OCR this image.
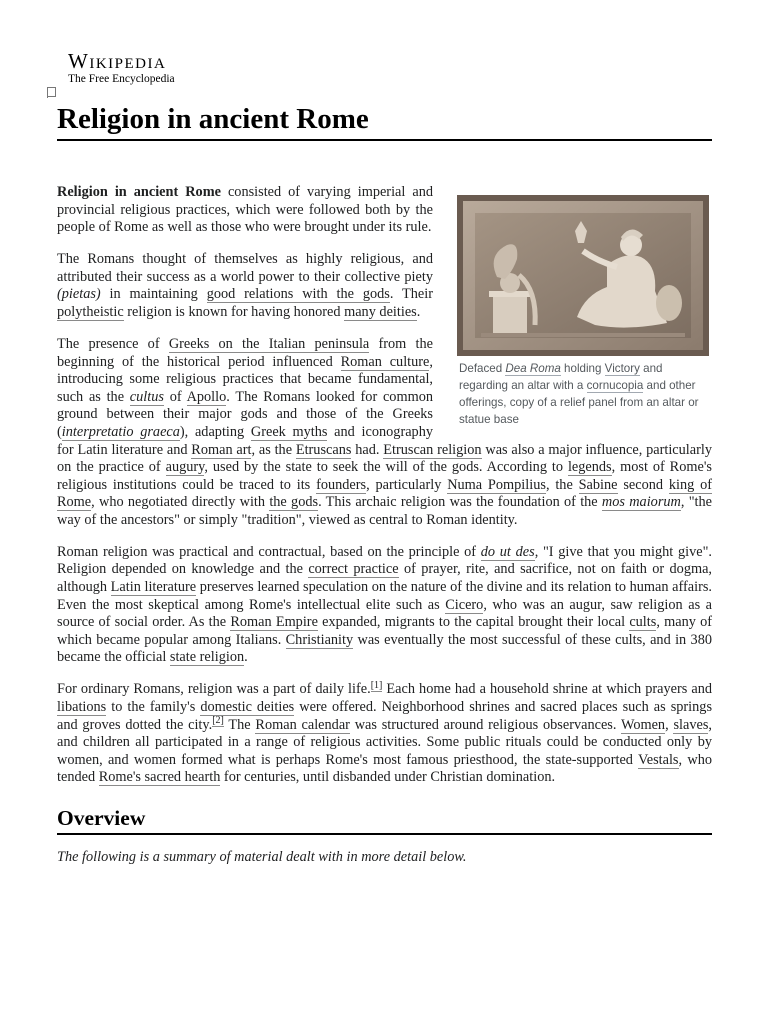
Wikipedia
The Free Encyclopedia
Religion in ancient Rome
Defaced Dea Roma holding Victory and regarding an altar with a cornucopia and other offerings, copy of a relief panel from an altar or statue base

Religion in ancient Rome consisted of varying imperial and provincial religious practices, which were followed both by the people of Rome as well as those who were brought under its rule.

The Romans thought of themselves as highly religious, and attributed their success as a world power to their collective piety (pietas) in maintaining good relations with the gods. Their polytheistic religion is known for having honored many deities.

The presence of Greeks on the Italian peninsula from the beginning of the historical period influenced Roman culture, introducing some religious practices that became fundamental, such as the cultus of Apollo. The Romans looked for common ground between their major gods and those of the Greeks (interpretatio graeca), adapting Greek myths and iconography for Latin literature and Roman art, as the Etruscans had. Etruscan religion was also a major influence, particularly on the practice of augury, used by the state to seek the will of the gods. According to legends, most of Rome's religious institutions could be traced to its founders, particularly Numa Pompilius, the Sabine second king of Rome, who negotiated directly with the gods. This archaic religion was the foundation of the mos maiorum, "the way of the ancestors" or simply "tradition", viewed as central to Roman identity.

Roman religion was practical and contractual, based on the principle of do ut des, "I give that you might give". Religion depended on knowledge and the correct practice of prayer, rite, and sacrifice, not on faith or dogma, although Latin literature preserves learned speculation on the nature of the divine and its relation to human affairs. Even the most skeptical among Rome's intellectual elite such as Cicero, who was an augur, saw religion as a source of social order. As the Roman Empire expanded, migrants to the capital brought their local cults, many of which became popular among Italians. Christianity was eventually the most successful of these cults, and in 380 became the official state religion.

For ordinary Romans, religion was a part of daily life.[1] Each home had a household shrine at which prayers and libations to the family's domestic deities were offered. Neighborhood shrines and sacred places such as springs and groves dotted the city.[2] The Roman calendar was structured around religious observances. Women, slaves, and children all participated in a range of religious activities. Some public rituals could be conducted only by women, and women formed what is perhaps Rome's most famous priesthood, the state-supported Vestals, who tended Rome's sacred hearth for centuries, until disbanded under Christian domination.

Overview
The following is a summary of material dealt with in more detail below.
